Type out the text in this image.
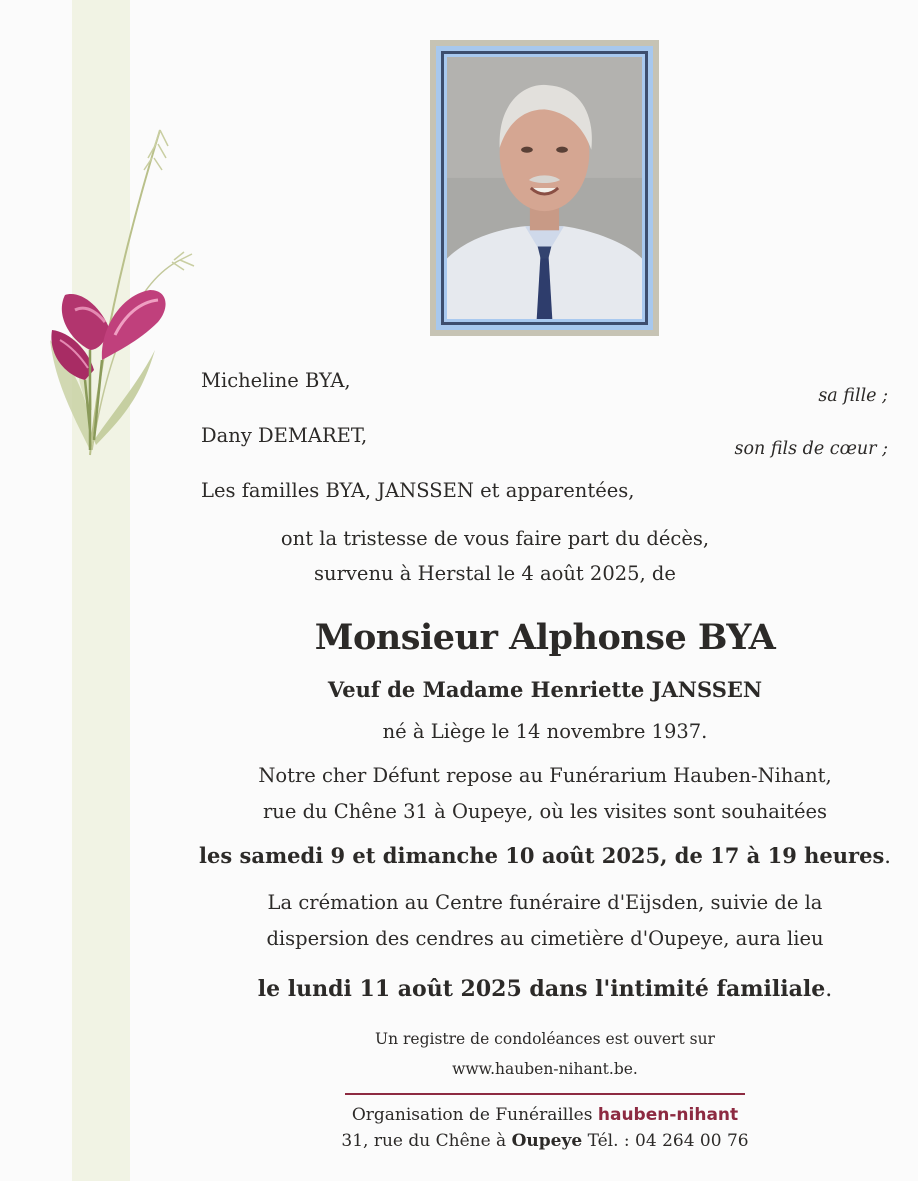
Micheline BYA,

sa fille ;

Dany DEMARET,

son fils de cœur ;

Les familles BYA, JANSSEN et apparentées,

ont la tristesse de vous faire part du décès,

survenu à Herstal le 4 août 2025, de

Monsieur Alphonse BYA

Veuf de Madame Henriette JANSSEN

né à Liège le 14 novembre 1937.

Notre cher Défunt repose au Funérarium Hauben-Nihant,

rue du Chêne 31 à Oupeye, où les visites sont souhaitées

les samedi 9 et dimanche 10 août 2025, de 17 à 19 heures.

La crémation au Centre funéraire d'Eijsden, suivie de la

dispersion des cendres au cimetière d'Oupeye, aura lieu

le lundi 11 août 2025 dans l'intimité familiale.

Un registre de condoléances est ouvert sur

www.hauben-nihant.be.

Organisation de Funérailles hauben-nihant

31, rue du Chêne à Oupeye Tél. : 04 264 00 76
